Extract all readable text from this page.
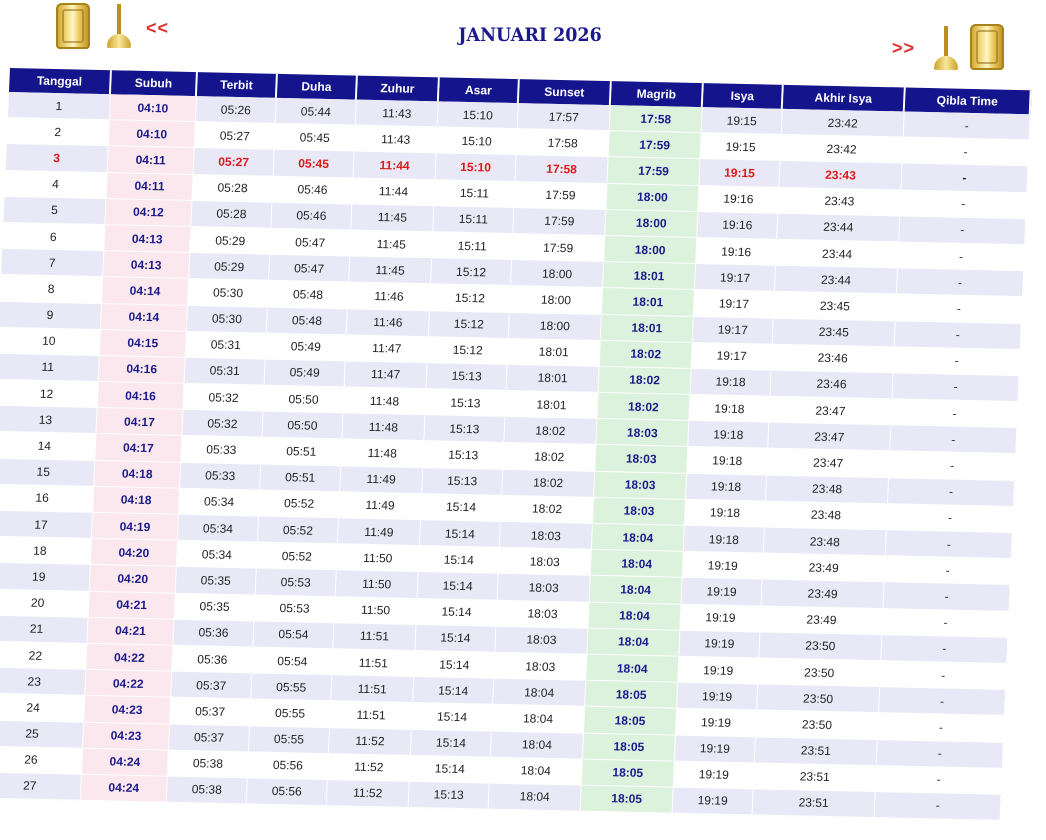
<<	JANUARI 2026
>>
Tanggal	Subuh	Terbit	Duha	Zuhur	Asar	Sunset	Magrib	Isya	Akhir Isya	Qibla Time
1	04:10	05:26	05:44	11:43	15:10	17:57	17:58	19:15	23:42	-
2	04:10	05:27	05:45	11:43	15:10	17:58	17:59	19:15	23:42	-
3	04:11	05:27	05:45	11:44	15:10	17:58	17:59	19:15	23:43	-
4	04:11	05:28	05:46	11:44	15:11	17:59	18:00	19:16	23:43	-
5	04:12	05:28	05:46	11:45	15:11	17:59	18:00	19:16	23:44	-
6	04:13	05:29	05:47	11:45	15:11	17:59	18:00	19:16	23:44	-
7	04:13	05:29	05:47	11:45	15:12	18:00	18:01	19:17	23:44	-
8	04:14	05:30	05:48	11:46	15:12	18:00	18:01	19:17	23:45	-
9	04:14	05:30	05:48	11:46	15:12	18:00	18:01	19:17	23:45	-
10	04:15	05:31	05:49	11:47	15:12	18:01	18:02	19:17	23:46	-
11	04:16	05:31	05:49	11:47	15:13	18:01	18:02	19:18	23:46	-
12	04:16	05:32	05:50	11:48	15:13	18:01	18:02	19:18	23:47	-
13	04:17	05:32	05:50	11:48	15:13	18:02	18:03	19:18	23:47	-
14	04:17	05:33	05:51	11:48	15:13	18:02	18:03	19:18	23:47	-
15	04:18	05:33	05:51	11:49	15:13	18:02	18:03	19:18	23:48	-
16	04:18	05:34	05:52	11:49	15:14	18:02	18:03	19:18	23:48	-
17	04:19	05:34	05:52	11:49	15:14	18:03	18:04	19:18	23:48	-
18	04:20	05:34	05:52	11:50	15:14	18:03	18:04	19:19	23:49	-
19	04:20	05:35	05:53	11:50	15:14	18:03	18:04	19:19	23:49	-
20	04:21	05:35	05:53	11:50	15:14	18:03	18:04	19:19	23:49	-
21	04:21	05:36	05:54	11:51	15:14	18:03	18:04	19:19	23:50	-
22	04:22	05:36	05:54	11:51	15:14	18:03	18:04	19:19	23:50	-
23	04:22	05:37	05:55	11:51	15:14	18:04	18:05	19:19	23:50	-
24	04:23	05:37	05:55	11:51	15:14	18:04	18:05	19:19	23:50	-
25	04:23	05:37	05:55	11:52	15:14	18:04	18:05	19:19	23:51	-
26	04:24	05:38	05:56	11:52	15:14	18:04	18:05	19:19	23:51	-
27	04:24	05:38	05:56	11:52	15:13	18:04	18:05	19:19	23:51	-
